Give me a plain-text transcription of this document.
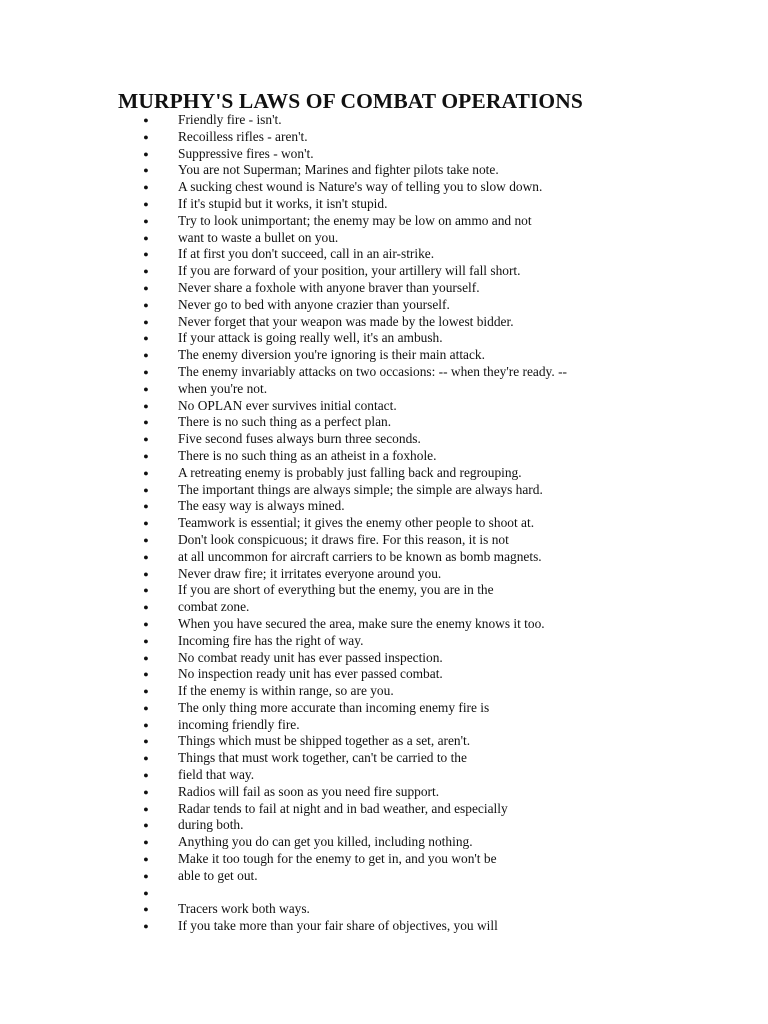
MURPHY'S LAWS OF COMBAT OPERATIONS
● Friendly fire - isn't.
● Recoilless rifles - aren't.
● Suppressive fires - won't.
● You are not Superman; Marines and fighter pilots take note.
● A sucking chest wound is Nature's way of telling you to slow down.
● If it's stupid but it works, it isn't stupid.
● Try to look unimportant; the enemy may be low on ammo and not
● want to waste a bullet on you.
● If at first you don't succeed, call in an air-strike.
● If you are forward of your position, your artillery will fall short.
● Never share a foxhole with anyone braver than yourself.
● Never go to bed with anyone crazier than yourself.
● Never forget that your weapon was made by the lowest bidder.
● If your attack is going really well, it's an ambush.
● The enemy diversion you're ignoring is their main attack.
● The enemy invariably attacks on two occasions: -- when they're ready. --
● when you're not.
● No OPLAN ever survives initial contact.
● There is no such thing as a perfect plan.
● Five second fuses always burn three seconds.
● There is no such thing as an atheist in a foxhole.
● A retreating enemy is probably just falling back and regrouping.
● The important things are always simple; the simple are always hard.
● The easy way is always mined.
● Teamwork is essential; it gives the enemy other people to shoot at.
● Don't look conspicuous; it draws fire. For this reason, it is not
● at all uncommon for aircraft carriers to be known as bomb magnets.
● Never draw fire; it irritates everyone around you.
● If you are short of everything but the enemy, you are in the
● combat zone.
● When you have secured the area, make sure the enemy knows it too.
● Incoming fire has the right of way.
● No combat ready unit has ever passed inspection.
● No inspection ready unit has ever passed combat.
● If the enemy is within range, so are you.
● The only thing more accurate than incoming enemy fire is
● incoming friendly fire.
● Things which must be shipped together as a set, aren't.
● Things that must work together, can't be carried to the
● field that way.
● Radios will fail as soon as you need fire support.
● Radar tends to fail at night and in bad weather, and especially
● during both.
● Anything you do can get you killed, including nothing.
● Make it too tough for the enemy to get in, and you won't be
● able to get out.
●
● Tracers work both ways.
● If you take more than your fair share of objectives, you will
